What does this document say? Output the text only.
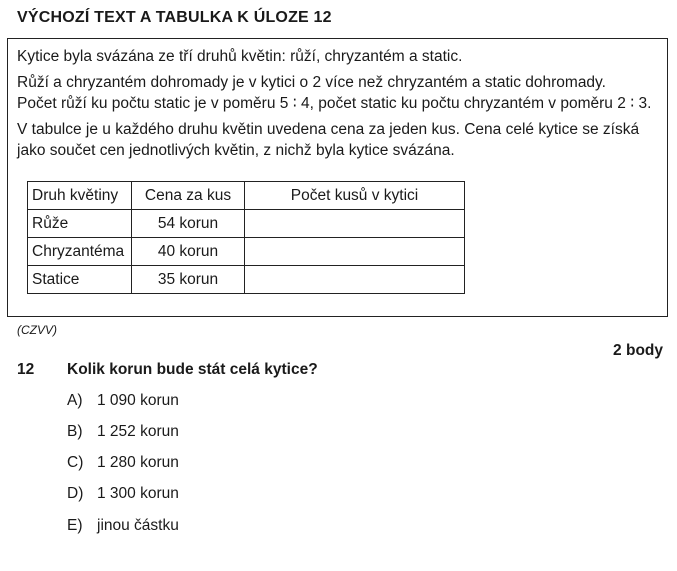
VÝCHOZÍ TEXT A TABULKA K ÚLOZE 12

Kytice byla svázána ze tří druhů květin: růží, chryzantém a static.

Růží a chryzantém dohromady je v kytici o 2 více než chryzantém a static dohromady.

Počet růží ku počtu static je v poměru 5 ∶ 4, počet static ku počtu chryzantém v poměru 2 ∶ 3.

V tabulce je u každého druhu květin uvedena cena za jeden kus. Cena celé kytice se získá

jako součet cen jednotlivých květin, z nichž byla kytice svázána.

Druh květiny	Cena za kus	Počet kusů v kytici
Růže	54 korun	
Chryzantéma	40 korun	
Statice	35 korun	
(CZVV)
2 body
12 Kolik korun bude stát celá kytice?
A) 1 090 korun
B) 1 252 korun
C) 1 280 korun
D) 1 300 korun
E) jinou částku
